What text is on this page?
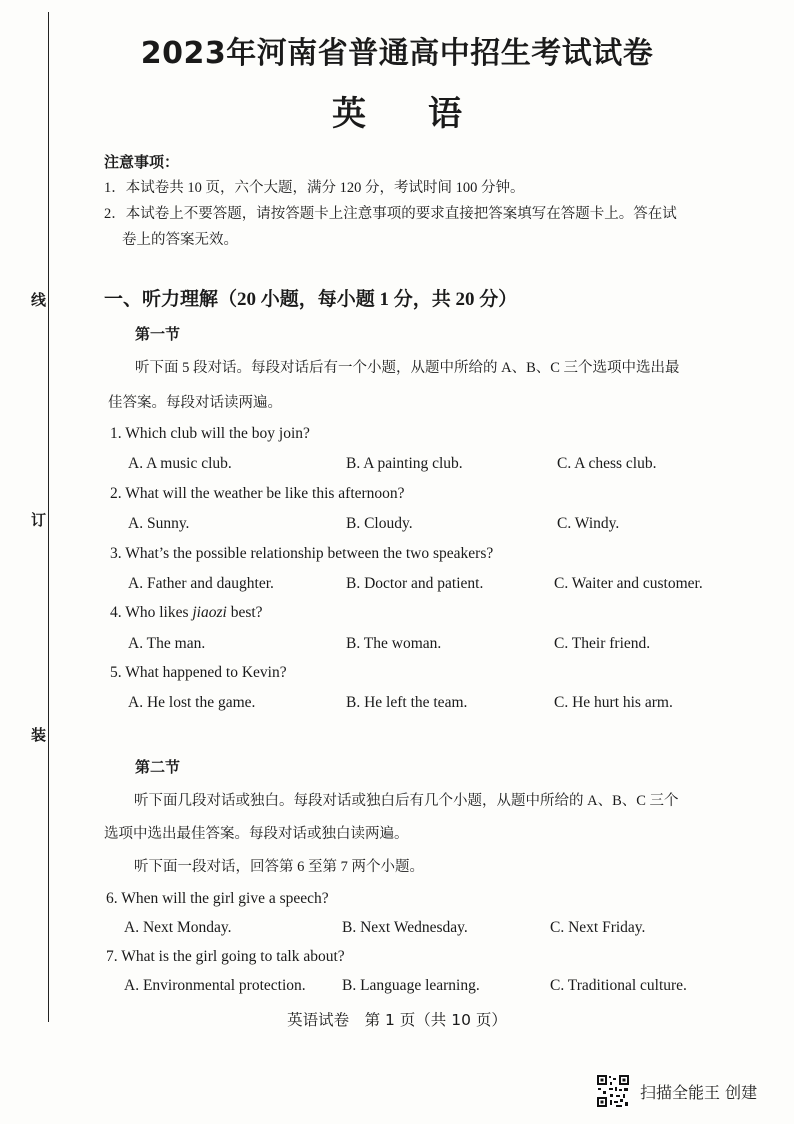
线
订
装
2023年河南省普通高中招生考试试卷
英语
注意事项：
1．本试卷共 10 页，六个大题，满分 120 分，考试时间 100 分钟。
2．本试卷上不要答题，请按答题卡上注意事项的要求直接把答案填写在答题卡上。答在试
卷上的答案无效。
一、听力理解（20 小题，每小题 1 分，共 20 分）
第一节
听下面 5 段对话。每段对话后有一个小题，从题中所给的 A、B、C 三个选项中选出最
佳答案。每段对话读两遍。
1. Which club will the boy join?
A. A music club.	B. A painting club.	C. A chess club.
2. What will the weather be like this afternoon?
A. Sunny.	B. Cloudy.	C. Windy.
3. What’s the possible relationship between the two speakers?
A. Father and daughter.	B. Doctor and patient.	C. Waiter and customer.
4. Who likes jiaozi best?
A. The man.	B. The woman.	C. Their friend.
5. What happened to Kevin?
A. He lost the game.	B. He left the team.	C. He hurt his arm.
第二节
听下面几段对话或独白。每段对话或独白后有几个小题，从题中所给的 A、B、C 三个
选项中选出最佳答案。每段对话或独白读两遍。
听下面一段对话，回答第 6 至第 7 两个小题。
6. When will the girl give a speech?
A. Next Monday.	B. Next Wednesday.	C. Next Friday.
7. What is the girl going to talk about?
A. Environmental protection. B. Language learning.	C. Traditional culture.
英语试卷　第 1 页（共 10 页）
扫描全能王 创建
